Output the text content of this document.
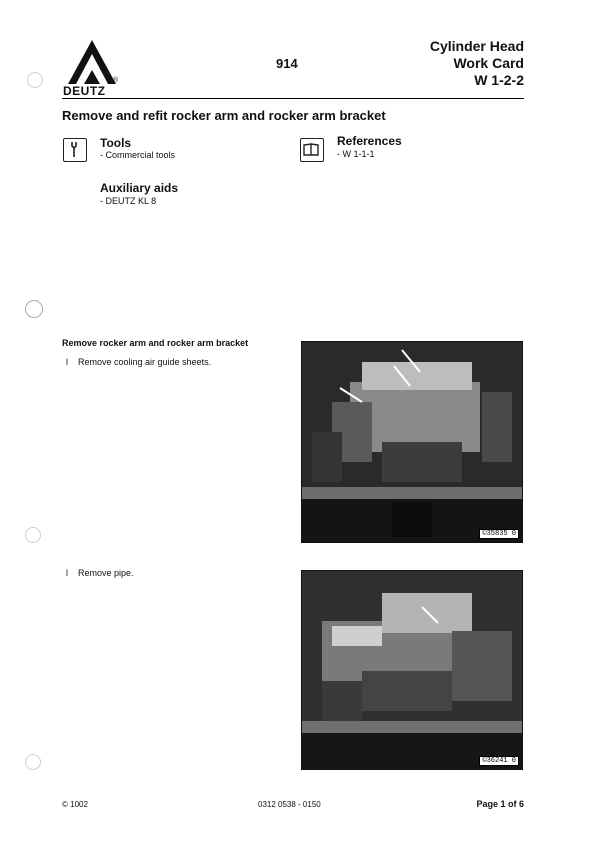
DEUTZ
®
914
Cylinder Head
Work Card
W 1-2-2
Remove and refit rocker arm and rocker arm bracket
Tools
- Commercial tools
References
- W 1-1-1
Auxiliary aids
- DEUTZ KL 8
Remove rocker arm and rocker arm bracket
l Remove cooling air guide sheets.
l Remove pipe.
©35835 0
©36241 0
© 1002	0312 0538 - 0150	Page 1 of 6
